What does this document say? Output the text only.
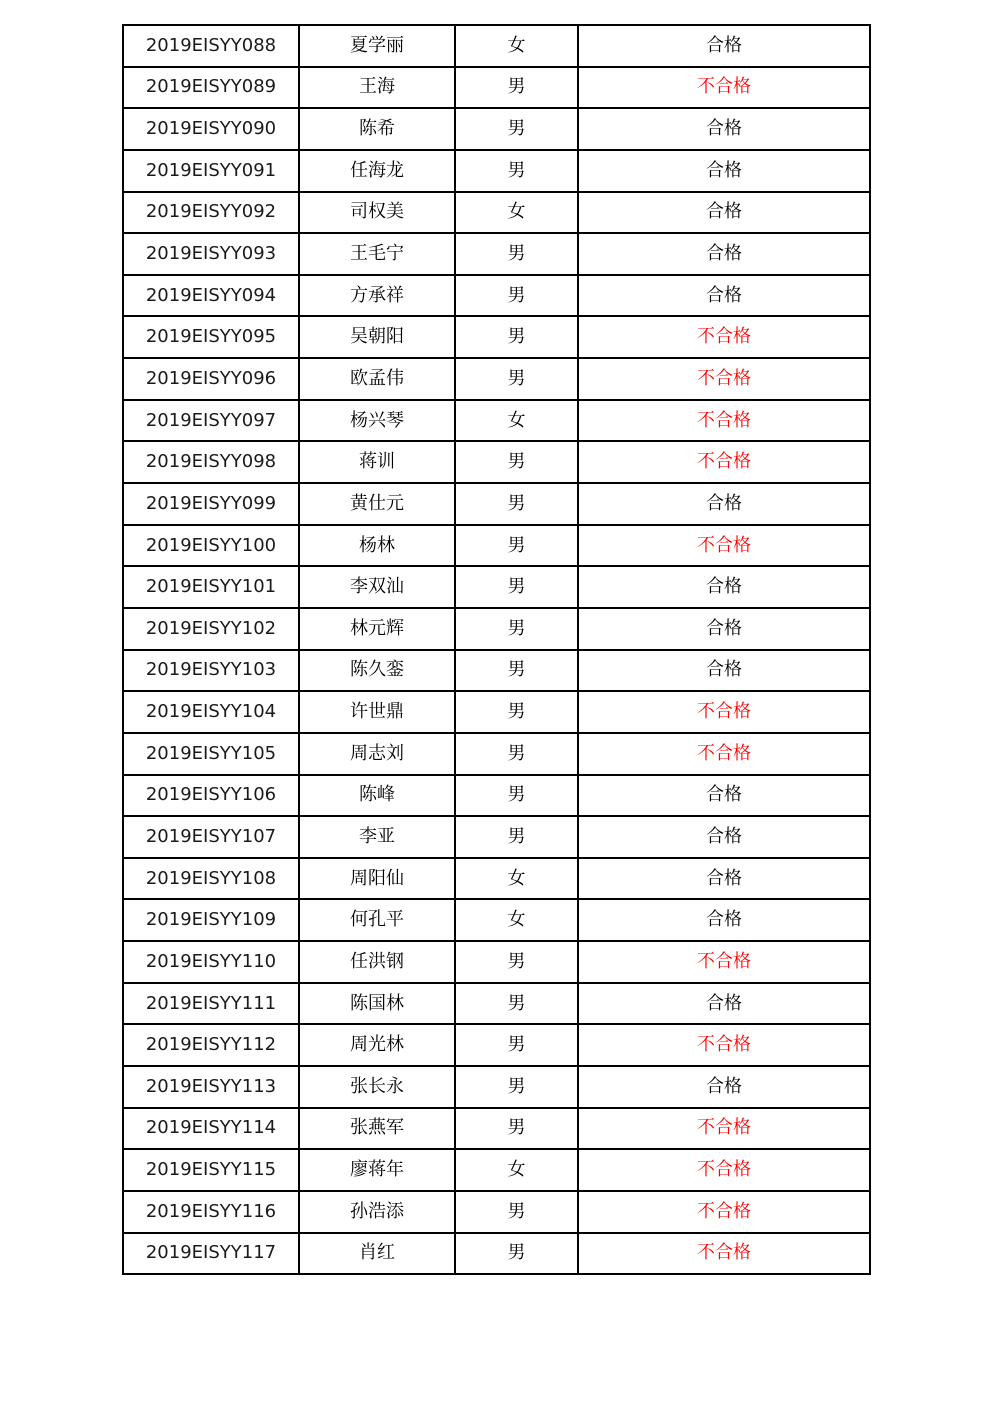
2019EISYY088	夏学丽	女	合格
2019EISYY089	王海	男	不合格
2019EISYY090	陈希	男	合格
2019EISYY091	任海龙	男	合格
2019EISYY092	司权美	女	合格
2019EISYY093	王毛宁	男	合格
2019EISYY094	方承祥	男	合格
2019EISYY095	吴朝阳	男	不合格
2019EISYY096	欧孟伟	男	不合格
2019EISYY097	杨兴琴	女	不合格
2019EISYY098	蒋训	男	不合格
2019EISYY099	黄仕元	男	合格
2019EISYY100	杨林	男	不合格
2019EISYY101	李双汕	男	合格
2019EISYY102	林元辉	男	合格
2019EISYY103	陈久銮	男	合格
2019EISYY104	许世鼎	男	不合格
2019EISYY105	周志刘	男	不合格
2019EISYY106	陈峰	男	合格
2019EISYY107	李亚	男	合格
2019EISYY108	周阳仙	女	合格
2019EISYY109	何孔平	女	合格
2019EISYY110	任洪钢	男	不合格
2019EISYY111	陈国林	男	合格
2019EISYY112	周光林	男	不合格
2019EISYY113	张长永	男	合格
2019EISYY114	张燕军	男	不合格
2019EISYY115	廖蒋年	女	不合格
2019EISYY116	孙浩添	男	不合格
2019EISYY117	肖红	男	不合格
